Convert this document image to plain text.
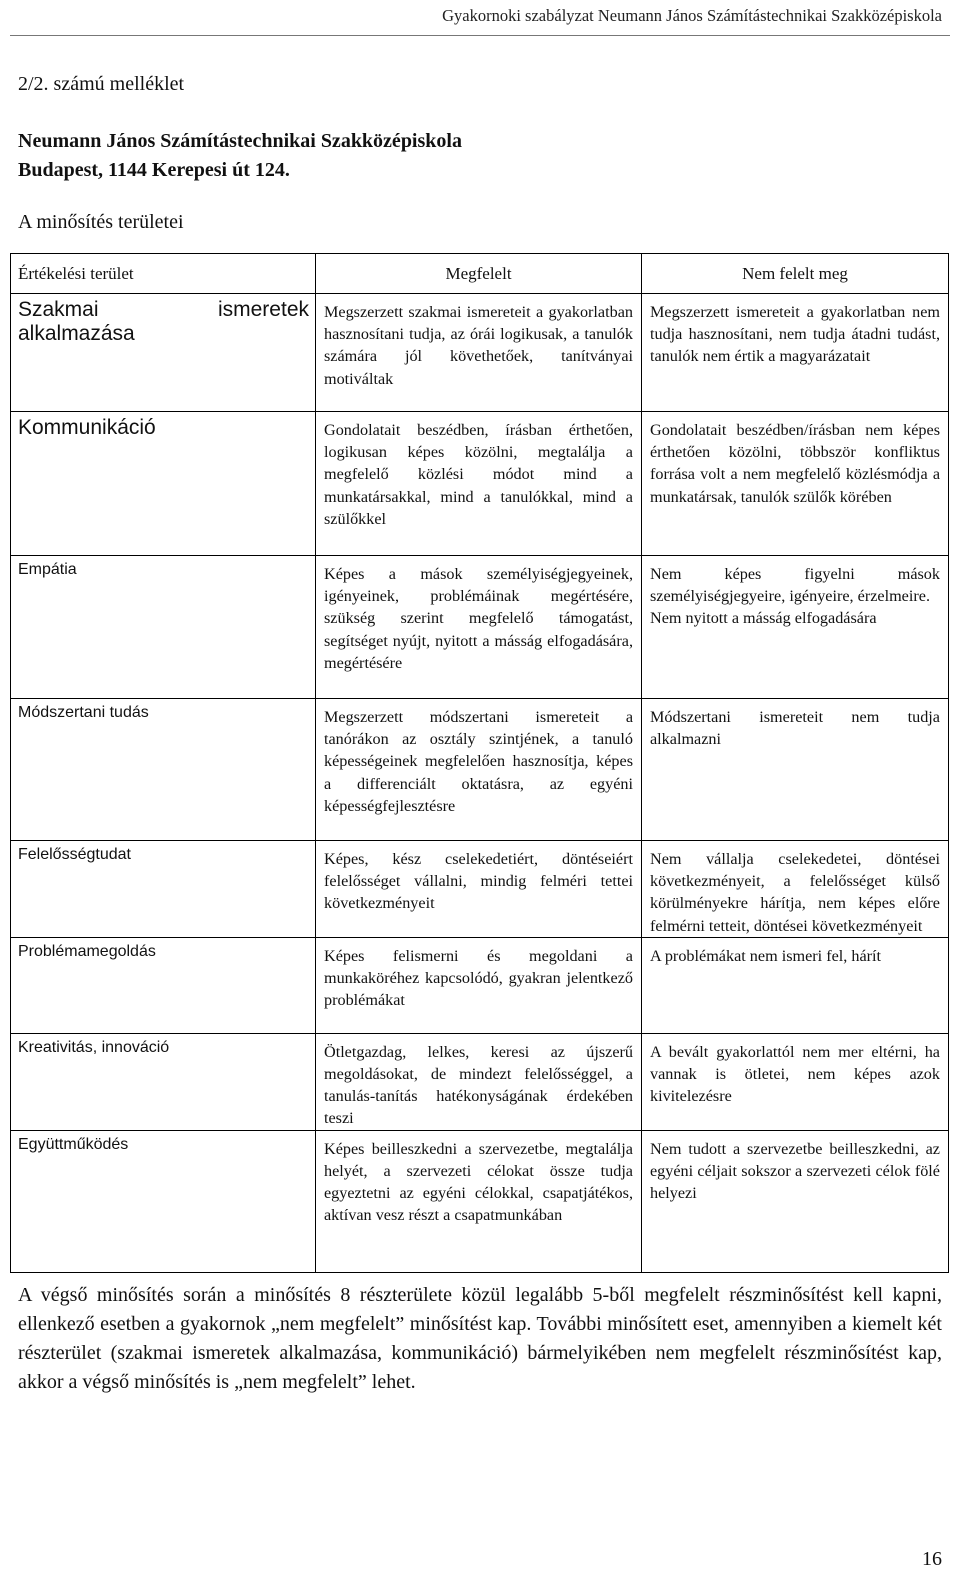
Gyakornoki szabályzat Neumann János Számítástechnikai Szakközépiskola
2/2. számú melléklet
Neumann János Számítástechnikai Szakközépiskola
Budapest, 1144 Kerepesi út 124.
A minősítés területei
Értékelési terület	Megfelelt	Nem felelt meg
Szakmai ismeretek alkalmazása	Megszerzett szakmai ismereteit a gyakorlatban hasznosítani tudja, az órái logikusak, a tanulók számára jól követhetőek, tanítványai motiváltak	Megszerzett ismereteit a gyakorlatban nem tudja hasznosítani, nem tudja átadni tudást, tanulók nem értik a magyarázatait
Kommunikáció	Gondolatait beszédben, írásban érthetően, logikusan képes közölni, megtalálja a megfelelő közlési módot mind a munkatársakkal, mind a tanulókkal, mind a szülőkkel	Gondolatait beszédben/írásban nem képes érthetően közölni, többször konfliktus forrása volt a nem megfelelő közlésmódja a munkatársak, tanulók szülők körében
Empátia	Képes a mások személyiségjegyeinek, igényeinek, problémáinak megértésére, szükség szerint megfelelő támogatást, segítséget nyújt, nyitott a másság elfogadására, megértésére	Nem képes figyelni mások személyiségjegyeire, igényeire, érzelmeire.
Nem nyitott a másság elfogadására

Módszertani tudás	Megszerzett módszertani ismereteit a tanórákon az osztály szintjének, a tanuló képességeinek megfelelően hasznosítja, képes a differenciált oktatásra, az egyéni képességfejlesztésre	Módszertani ismereteit nem tudja alkalmazni
Felelősségtudat	Képes, kész cselekedetiért, döntéseiért felelősséget vállalni, mindig felméri tettei következményeit	Nem vállalja cselekedetei, döntései következményeit, a felelősséget külső körülményekre hárítja, nem képes előre felmérni tetteit, döntései következményeit
Problémamegoldás	Képes felismerni és megoldani a munkaköréhez kapcsolódó, gyakran jelentkező problémákat	A problémákat nem ismeri fel, hárít
Kreativitás, innováció	Ötletgazdag, lelkes, keresi az újszerű megoldásokat, de mindezt felelősséggel, a tanulás-tanítás hatékonyságának érdekében teszi	A bevált gyakorlattól nem mer eltérni, ha vannak is ötletei, nem képes azok kivitelezésre
Együttműködés	Képes beilleszkedni a szervezetbe, megtalálja helyét, a szervezeti célokat össze tudja egyeztetni az egyéni célokkal, csapatjátékos, aktívan vesz részt a csapatmunkában	Nem tudott a szervezetbe beilleszkedni, az egyéni céljait sokszor a szervezeti célok fölé helyezi
A végső minősítés során a minősítés 8 részterülete közül legalább 5-ből megfelelt részminősítést kell kapni, ellenkező esetben a gyakornok „nem megfelelt” minősítést kap. További minősített eset, amennyiben a kiemelt két részterület (szakmai ismeretek alkalmazása, kommunikáció) bármelyikében nem megfelelt részminősítést kap, akkor a végső minősítés is „nem megfelelt” lehet.
16
